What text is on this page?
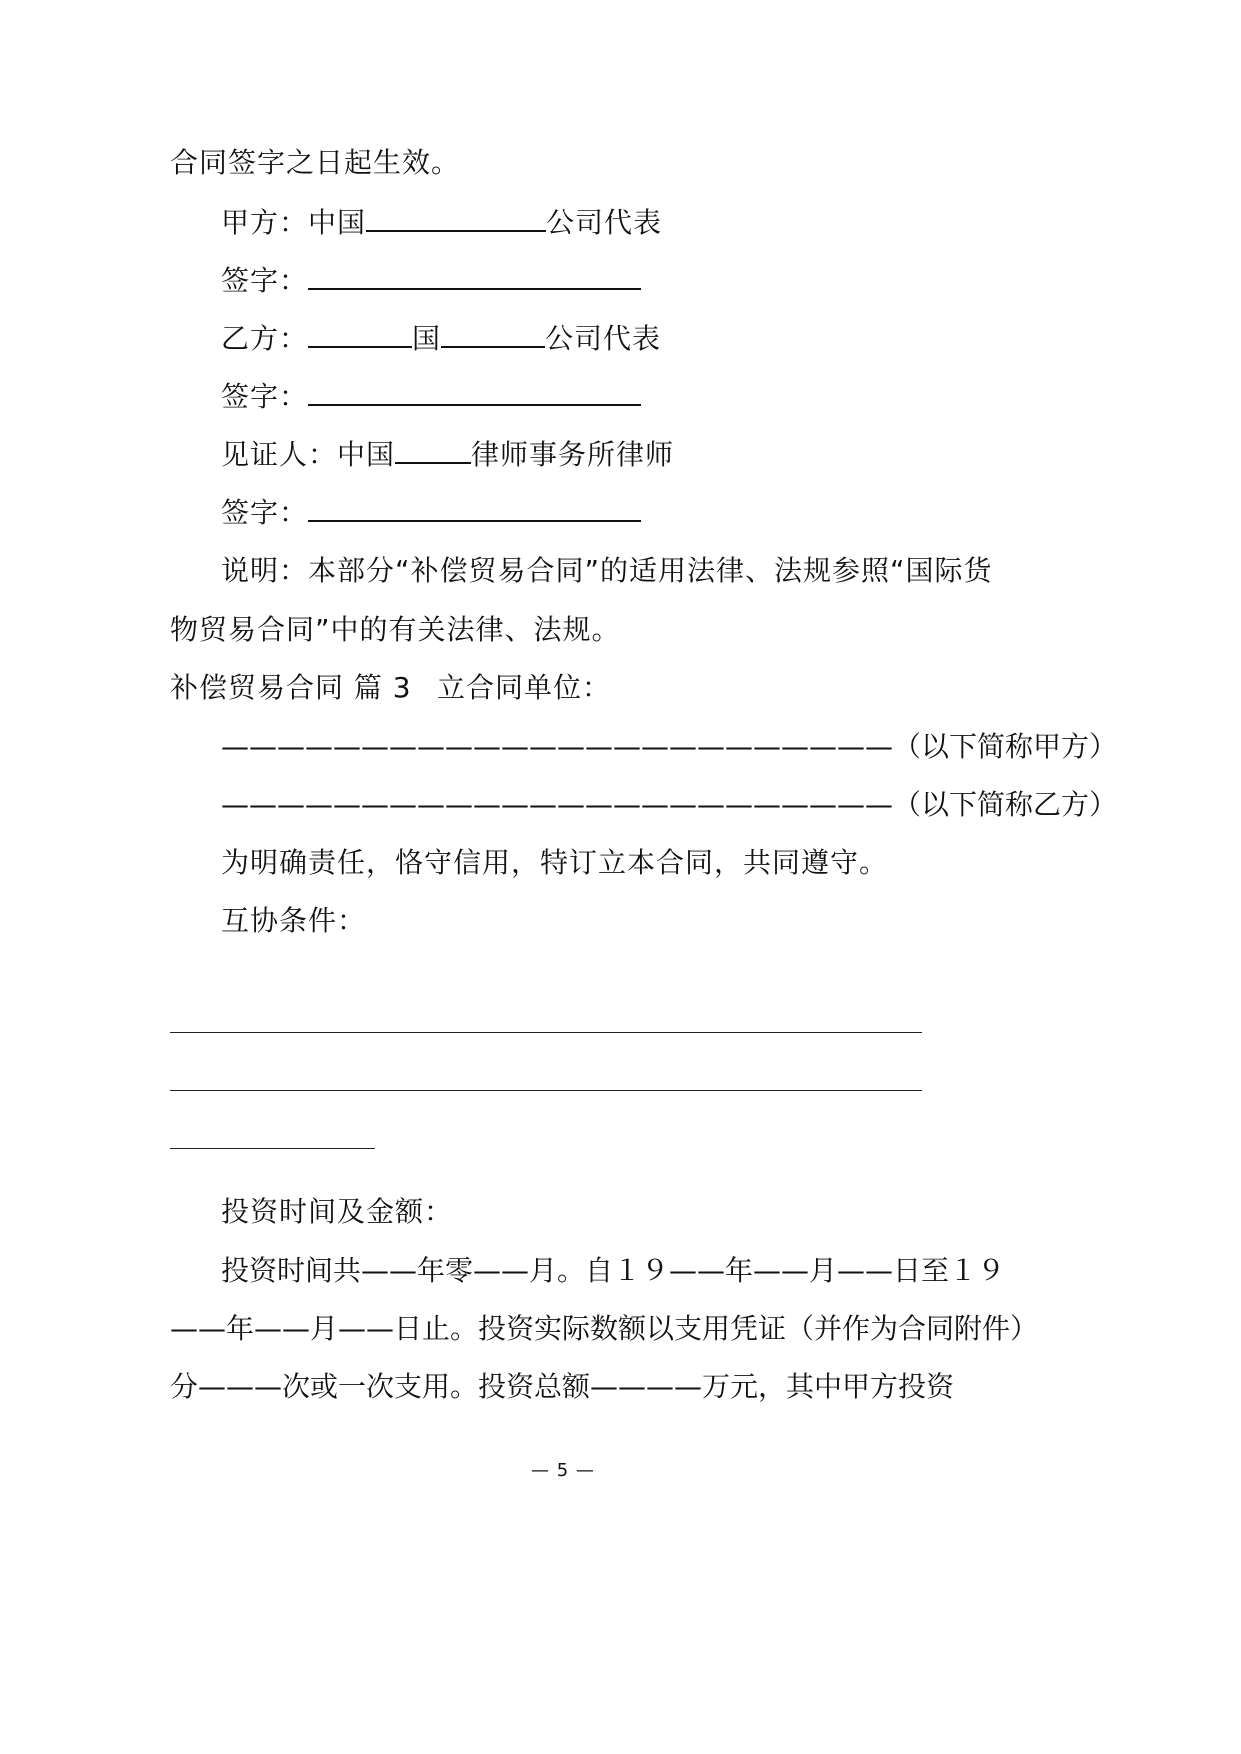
合同签字之日起生效。
甲方：中国	公司代表
签字：
乙方：	国	公司代表
签字：
见证人：中国	律师事务所律师
签字：
说明：本部分“补偿贸易合同”的适用法律、法规参照“国际货
物贸易合同”中的有关法律、法规。
补偿贸易合同 篇 3 立合同单位：
————————————————————————（以下简称甲方）
————————————————————————（以下简称乙方）
为明确责任，恪守信用，特订立本合同，共同遵守。
互协条件：
投资时间及金额：
投资时间共——年零——月。自１９——年——月——日至１９
——年——月——日止。投资实际数额以支用凭证（并作为合同附件）
分———次或一次支用。投资总额————万元，其中甲方投资
— 5 —
